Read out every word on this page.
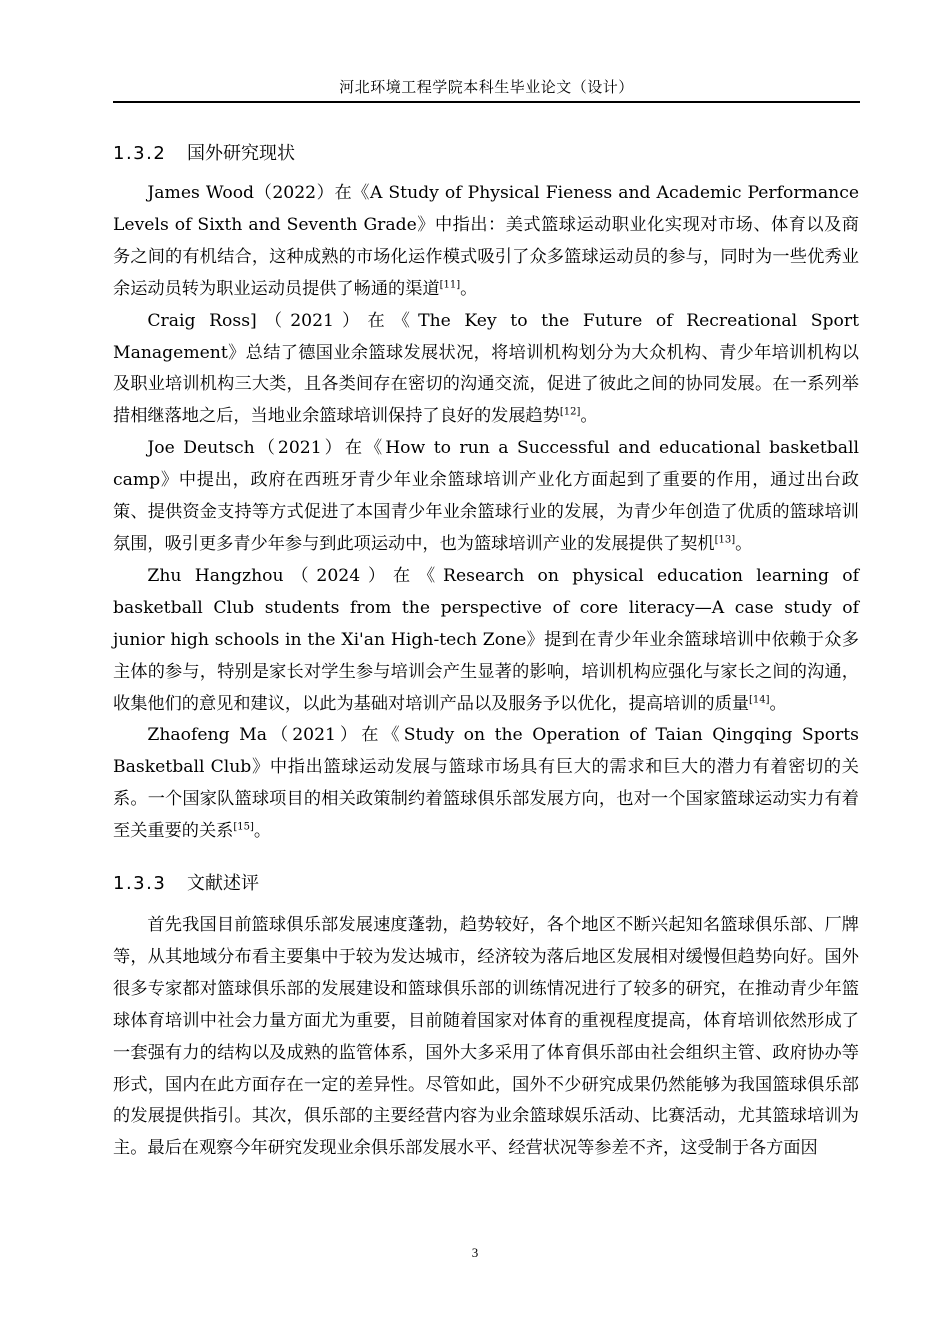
河北环境工程学院本科生毕业论文（设计）
1.3.2 国外研究现状

James Wood（2022）在《A Study of Physical Fieness and Academic Performance Levels of Sixth and Seventh Grade》中指出：美式篮球运动职业化实现对市场、体育以及商务之间的有机结合，这种成熟的市场化运作模式吸引了众多篮球运动员的参与，同时为一些优秀业余运动员转为职业运动员提供了畅通的渠道[11]。

Craig Ross]（2021）在《The Key to the Future of Recreational Sport Management》总结了德国业余篮球发展状况，将培训机构划分为大众机构、青少年培训机构以及职业培训机构三大类，且各类间存在密切的沟通交流，促进了彼此之间的协同发展。在一系列举措相继落地之后，当地业余篮球培训保持了良好的发展趋势[12]。

Joe Deutsch（2021）在《How to run a Successful and educational basketball camp》中提出，政府在西班牙青少年业余篮球培训产业化方面起到了重要的作用，通过出台政策、提供资金支持等方式促进了本国青少年业余篮球行业的发展，为青少年创造了优质的篮球培训氛围，吸引更多青少年参与到此项运动中，也为篮球培训产业的发展提供了契机[13]。

Zhu Hangzhou（2024）在《Research on physical education learning of basketball Club students from the perspective of core literacy—A case study of junior high schools in the Xi'an High-tech Zone》提到在青少年业余篮球培训中依赖于众多主体的参与，特别是家长对学生参与培训会产生显著的影响，培训机构应强化与家长之间的沟通，收集他们的意见和建议，以此为基础对培训产品以及服务予以优化，提高培训的质量[14]。

Zhaofeng Ma（2021）在《Study on the Operation of Taian Qingqing Sports Basketball Club》中指出篮球运动发展与篮球市场具有巨大的需求和巨大的潜力有着密切的关系。一个国家队篮球项目的相关政策制约着篮球俱乐部发展方向，也对一个国家篮球运动实力有着至关重要的关系[15]。

1.3.3 文献述评

首先我国目前篮球俱乐部发展速度蓬勃，趋势较好，各个地区不断兴起知名篮球俱乐部、厂牌等，从其地域分布看主要集中于较为发达城市，经济较为落后地区发展相对缓慢但趋势向好。国外很多专家都对篮球俱乐部的发展建设和篮球俱乐部的训练情况进行了较多的研究，在推动青少年篮球体育培训中社会力量方面尤为重要，目前随着国家对体育的重视程度提高，体育培训依然形成了一套强有力的结构以及成熟的监管体系，国外大多采用了体育俱乐部由社会组织主管、政府协办等形式，国内在此方面存在一定的差异性。尽管如此，国外不少研究成果仍然能够为我国篮球俱乐部的发展提供指引。其次，俱乐部的主要经营内容为业余篮球娱乐活动、比赛活动，尤其篮球培训为主。最后在观察今年研究发现业余俱乐部发展水平、经营状况等参差不齐，这受制于各方面因

3
